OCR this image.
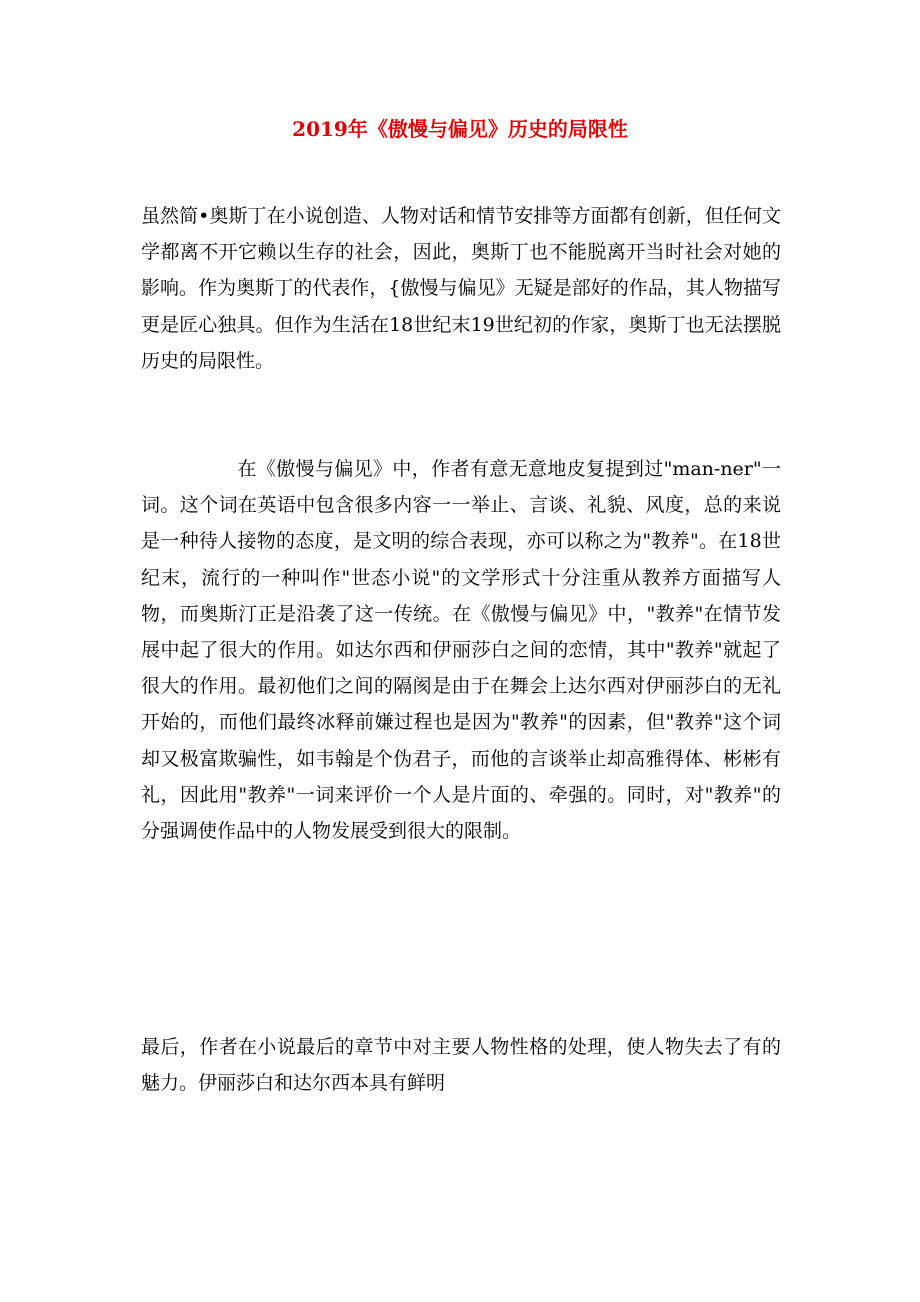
2019年《傲慢与偏见》历史的局限性

虽然简•奥斯丁在小说创造、人物对话和情节安排等方面都有创新，但任何文学都离不开它赖以生存的社会，因此，奥斯丁也不能脱离开当时社会对她的影响。作为奥斯丁的代表作，{傲慢与偏见》无疑是部好的作品，其人物描写更是匠心独具。但作为生活在18世纪末19世纪初的作家，奥斯丁也无法摆脱历史的局限性。

在《傲慢与偏见》中，作者有意无意地皮复提到过"man-ner"一词。这个词在英语中包含很多内容一一举止、言谈、礼貌、风度，总的来说是一种待人接物的态度，是文明的综合表现，亦可以称之为"教养"。在18世纪末，流行的一种叫作"世态小说"的文学形式十分注重从教养方面描写人物，而奥斯汀正是沿袭了这一传统。在《傲慢与偏见》中，"教养"在情节发展中起了很大的作用。如达尔西和伊丽莎白之间的恋情，其中"教养"就起了很大的作用。最初他们之间的隔阂是由于在舞会上达尔西对伊丽莎白的无礼开始的，而他们最终冰释前嫌过程也是因为"教养"的因素，但"教养"这个词却又极富欺骗性，如韦翰是个伪君子，而他的言谈举止却高雅得体、彬彬有礼，因此用"教养"一词来评价一个人是片面的、牵强的。同时，对"教养"的分强调使作品中的人物发展受到很大的限制。

最后，作者在小说最后的章节中对主要人物性格的处理，使人物失去了有的魅力。伊丽莎白和达尔西本具有鲜明
